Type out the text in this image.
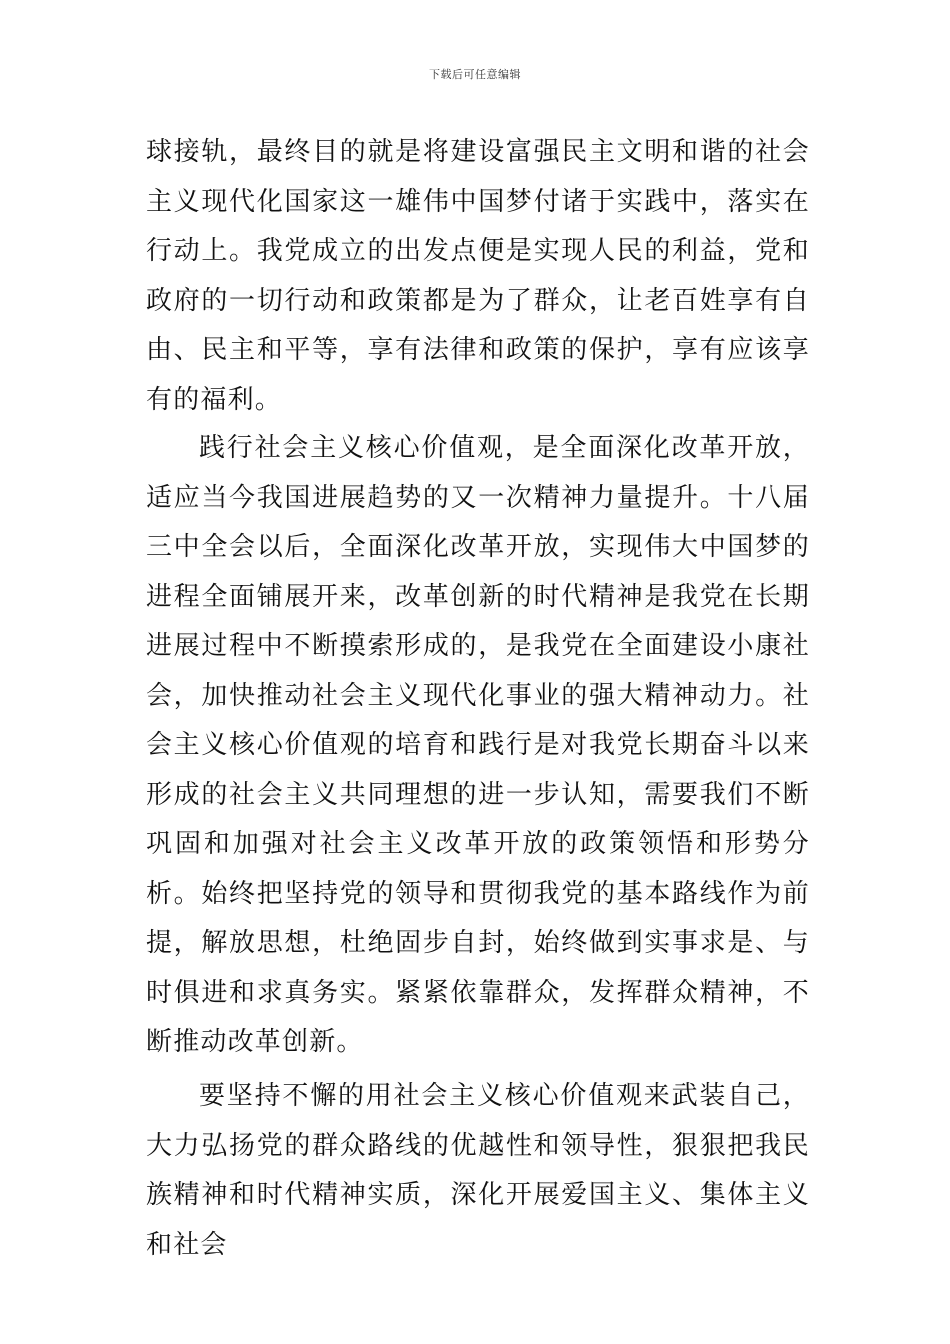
下载后可任意编辑

球接轨，最终目的就是将建设富强民主文明和谐的社会主义现代化国家这一雄伟中国梦付诸于实践中，落实在行动上。我党成立的出发点便是实现人民的利益，党和政府的一切行动和政策都是为了群众，让老百姓享有自由、民主和平等，享有法律和政策的保护，享有应该享有的福利。

践行社会主义核心价值观，是全面深化改革开放，适应当今我国进展趋势的又一次精神力量提升。十八届三中全会以后，全面深化改革开放，实现伟大中国梦的进程全面铺展开来，改革创新的时代精神是我党在长期进展过程中不断摸索形成的，是我党在全面建设小康社会，加快推动社会主义现代化事业的强大精神动力。社会主义核心价值观的培育和践行是对我党长期奋斗以来形成的社会主义共同理想的进一步认知，需要我们不断巩固和加强对社会主义改革开放的政策领悟和形势分析。始终把坚持党的领导和贯彻我党的基本路线作为前提，解放思想，杜绝固步自封，始终做到实事求是、与时俱进和求真务实。紧紧依靠群众，发挥群众精神，不断推动改革创新。

要坚持不懈的用社会主义核心价值观来武装自己，大力弘扬党的群众路线的优越性和领导性，狠狠把我民族精神和时代精神实质，深化开展爱国主义、集体主义和社会
